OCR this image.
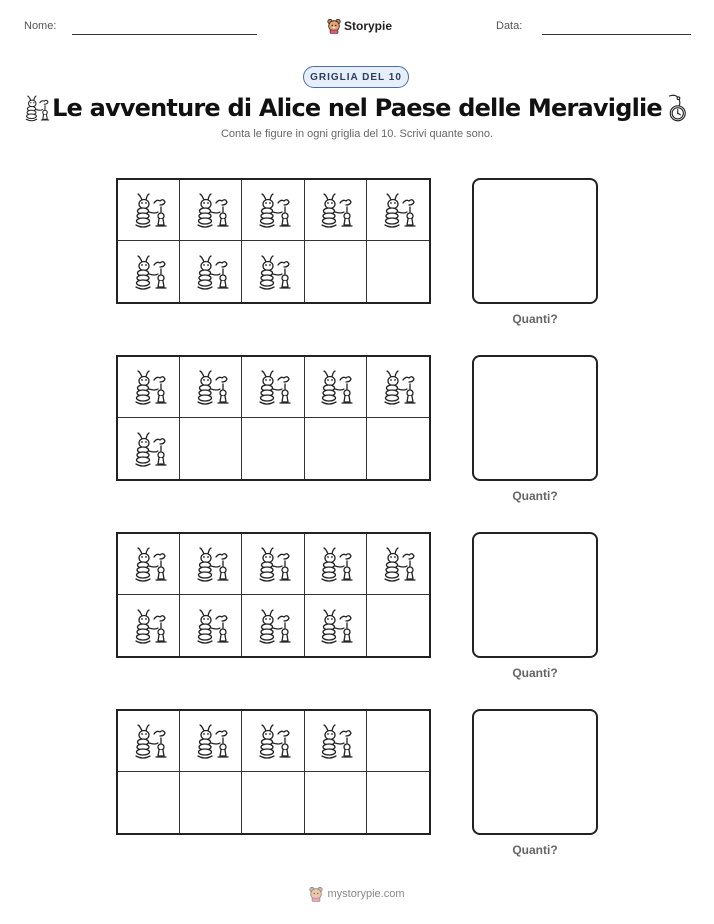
Nome:	Storypie	Data:
GRIGLIA DEL 10
Le avventure di Alice nel Paese delle Meraviglie
Conta le figure in ogni griglia del 10. Scrivi quante sono.
Quanti?
Quanti?
Quanti?
Quanti?
mystorypie.com
